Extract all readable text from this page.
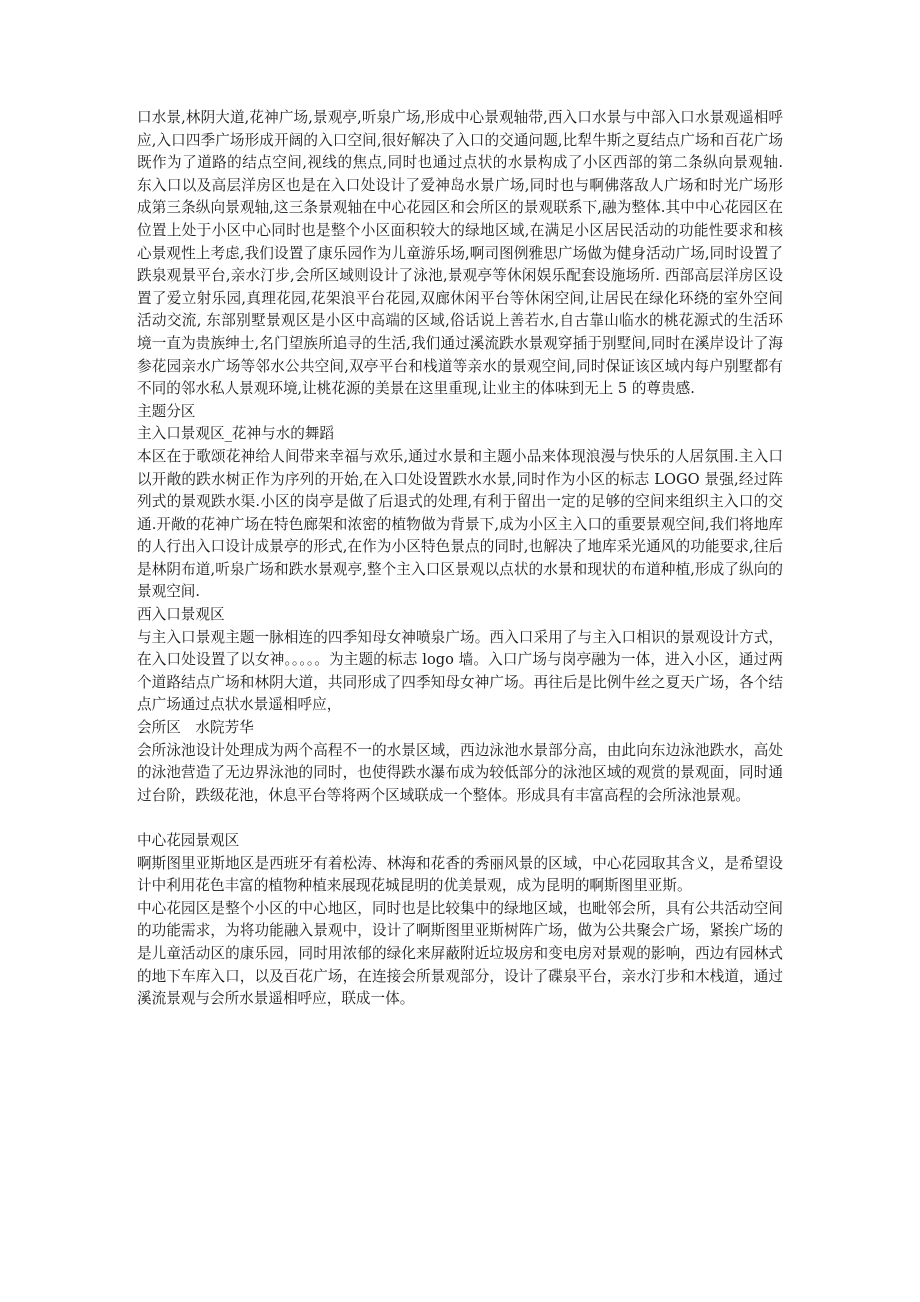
口水景,林阴大道,花神广场,景观亭,听泉广场,形成中心景观轴带,西入口水景与中部入口水景观遥相呼应,入口四季广场形成开阔的入口空间,很好解决了入口的交通问题,比犁牛斯之夏结点广场和百花广场既作为了道路的结点空间,视线的焦点,同时也通过点状的水景构成了小区西部的第二条纵向景观轴. 东入口以及高层洋房区也是在入口处设计了爱神岛水景广场,同时也与啊佛落敌人广场和时光广场形成第三条纵向景观轴,这三条景观轴在中心花园区和会所区的景观联系下,融为整体.其中中心花园区在位置上处于小区中心同时也是整个小区面积较大的绿地区域,在满足小区居民活动的功能性要求和核心景观性上考虑,我们设置了康乐园作为儿童游乐场,啊司图例雅思广场做为健身活动广场,同时设置了跌泉观景平台,亲水汀步,会所区域则设计了泳池,景观亭等休闲娱乐配套设施场所. 西部高层洋房区设置了爱立射乐园,真理花园,花架浪平台花园,双廊休闲平台等休闲空间,让居民在绿化环绕的室外空间活动交流, 东部别墅景观区是小区中高端的区域,俗话说上善若水,自古靠山临水的桃花源式的生活环境一直为贵族绅士,名门望族所追寻的生活,我们通过溪流跌水景观穿插于别墅间,同时在溪岸设计了海参花园亲水广场等邻水公共空间,双亭平台和栈道等亲水的景观空间,同时保证该区域内每户别墅都有不同的邻水私人景观环境,让桃花源的美景在这里重现,让业主的体味到无上 5 的尊贵感.

主题分区

主入口景观区_花神与水的舞蹈

本区在于歌颂花神给人间带来幸福与欢乐,通过水景和主题小品来体现浪漫与快乐的人居氛围.主入口以开敞的跌水树正作为序列的开始,在入口处设置跌水水景,同时作为小区的标志 LOGO 景强,经过阵列式的景观跌水渠.小区的岗亭是做了后退式的处理,有利于留出一定的足够的空间来组织主入口的交通.开敞的花神广场在特色廊架和浓密的植物做为背景下,成为小区主入口的重要景观空间,我们将地库的人行出入口设计成景亭的形式,在作为小区特色景点的同时,也解决了地库采光通风的功能要求,往后是林阴布道,听泉广场和跌水景观亭,整个主入口区景观以点状的水景和现状的布道种植,形成了纵向的景观空间.

西入口景观区

与主入口景观主题一脉相连的四季知母女神喷泉广场。西入口采用了与主入口相识的景观设计方式，在入口处设置了以女神。。。。。为主题的标志 logo 墙。入口广场与岗亭融为一体，进入小区，通过两个道路结点广场和林阴大道，共同形成了四季知母女神广场。再往后是比例牛丝之夏天广场，各个结点广场通过点状水景遥相呼应，

会所区　水院芳华

会所泳池设计处理成为两个高程不一的水景区域，西边泳池水景部分高，由此向东边泳池跌水，高处的泳池营造了无边界泳池的同时，也使得跌水瀑布成为较低部分的泳池区域的观赏的景观面，同时通过台阶，跌级花池，休息平台等将两个区域联成一个整体。形成具有丰富高程的会所泳池景观。

中心花园景观区

啊斯图里亚斯地区是西班牙有着松涛、林海和花香的秀丽风景的区域，中心花园取其含义，是希望设计中利用花色丰富的植物种植来展现花城昆明的优美景观，成为昆明的啊斯图里亚斯。

中心花园区是整个小区的中心地区，同时也是比较集中的绿地区域，也毗邻会所，具有公共活动空间的功能需求，为将功能融入景观中，设计了啊斯图里亚斯树阵广场，做为公共聚会广场，紧挨广场的是儿童活动区的康乐园，同时用浓郁的绿化来屏蔽附近垃圾房和变电房对景观的影响，西边有园林式的地下车库入口，以及百花广场，在连接会所景观部分，设计了碟泉平台，亲水汀步和木栈道，通过溪流景观与会所水景遥相呼应，联成一体。
